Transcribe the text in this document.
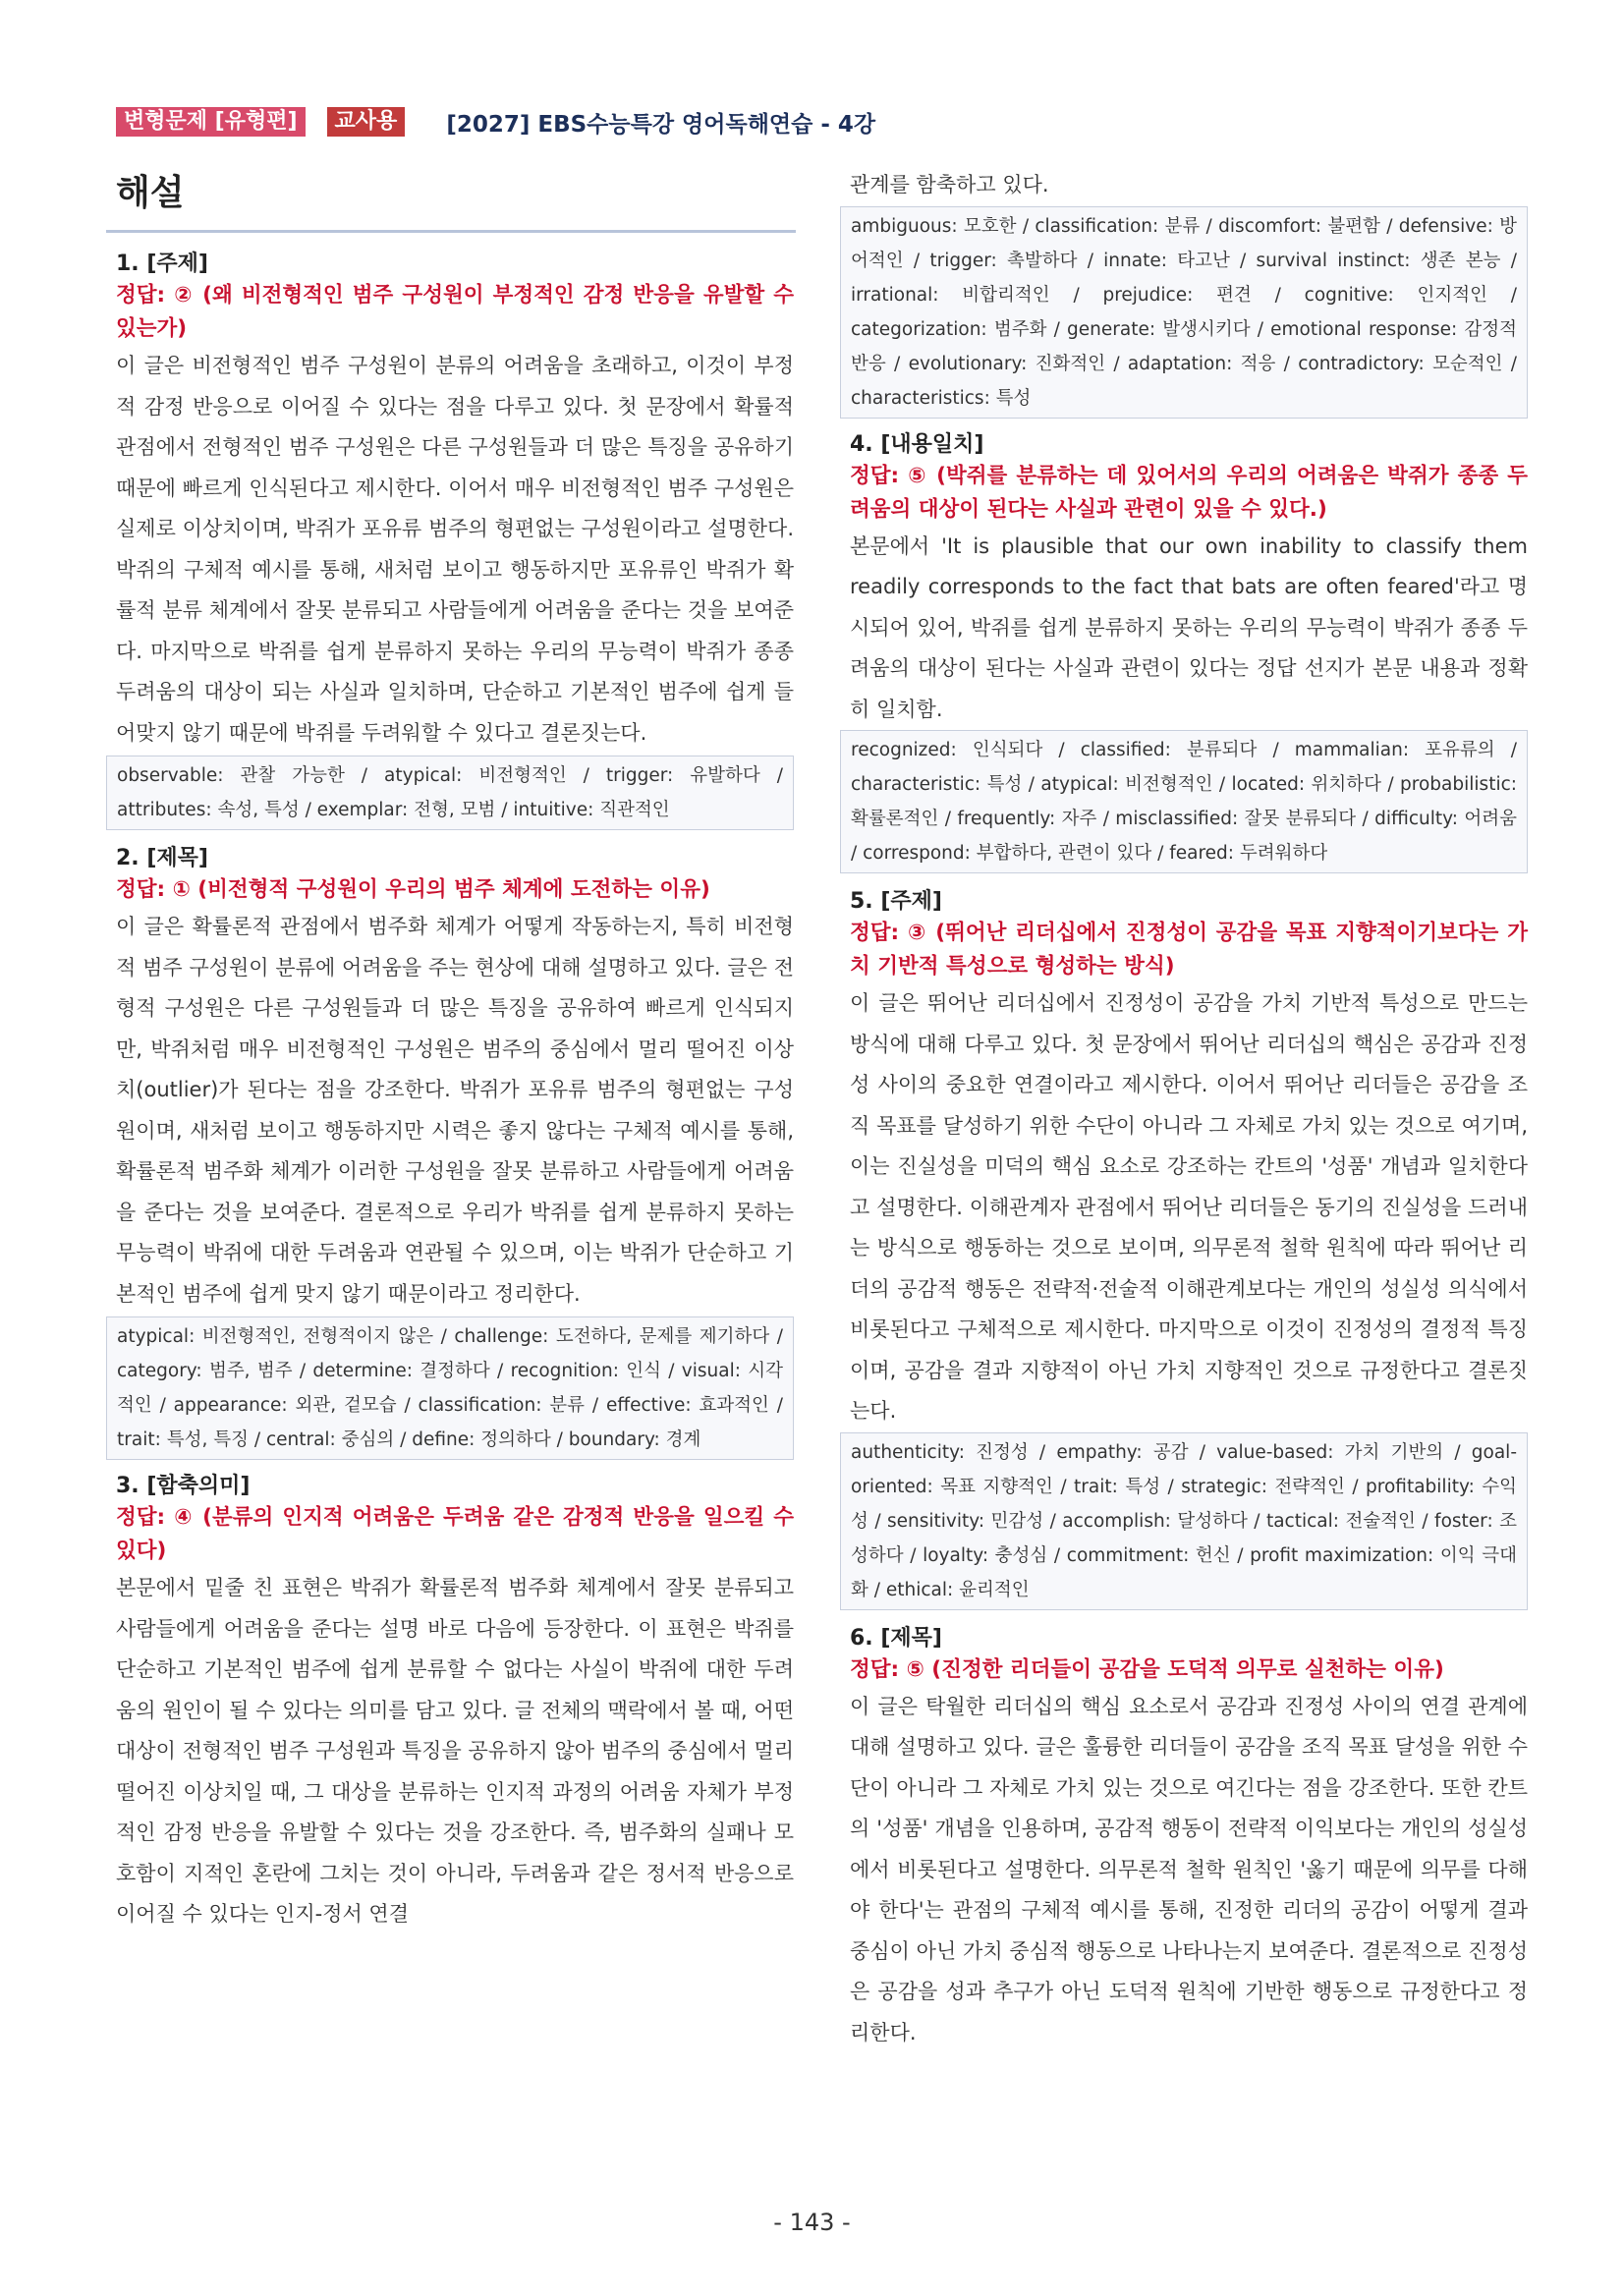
변형문제 [유형편]	교사용	[2027] EBS수능특강 영어독해연습 - 4강
해설
1. [주제]
정답: ② (왜 비전형적인 범주 구성원이 부정적인 감정 반응을 유발할 수 있는가)
이 글은 비전형적인 범주 구성원이 분류의 어려움을 초래하고, 이것이 부정적 감정 반응으로 이어질 수 있다는 점을 다루고 있다. 첫 문장에서 확률적 관점에서 전형적인 범주 구성원은 다른 구성원들과 더 많은 특징을 공유하기 때문에 빠르게 인식된다고 제시한다. 이어서 매우 비전형적인 범주 구성원은 실제로 이상치이며, 박쥐가 포유류 범주의 형편없는 구성원이라고 설명한다. 박쥐의 구체적 예시를 통해, 새처럼 보이고 행동하지만 포유류인 박쥐가 확률적 분류 체계에서 잘못 분류되고 사람들에게 어려움을 준다는 것을 보여준다. 마지막으로 박쥐를 쉽게 분류하지 못하는 우리의 무능력이 박쥐가 종종 두려움의 대상이 되는 사실과 일치하며, 단순하고 기본적인 범주에 쉽게 들어맞지 않기 때문에 박쥐를 두려워할 수 있다고 결론짓는다.
observable: 관찰 가능한 / atypical: 비전형적인 / trigger: 유발하다 / attributes: 속성, 특성 / exemplar: 전형, 모범 / intuitive: 직관적인
2. [제목]
정답: ① (비전형적 구성원이 우리의 범주 체계에 도전하는 이유)
이 글은 확률론적 관점에서 범주화 체계가 어떻게 작동하는지, 특히 비전형적 범주 구성원이 분류에 어려움을 주는 현상에 대해 설명하고 있다. 글은 전형적 구성원은 다른 구성원들과 더 많은 특징을 공유하여 빠르게 인식되지만, 박쥐처럼 매우 비전형적인 구성원은 범주의 중심에서 멀리 떨어진 이상치(outlier)가 된다는 점을 강조한다. 박쥐가 포유류 범주의 형편없는 구성원이며, 새처럼 보이고 행동하지만 시력은 좋지 않다는 구체적 예시를 통해, 확률론적 범주화 체계가 이러한 구성원을 잘못 분류하고 사람들에게 어려움을 준다는 것을 보여준다. 결론적으로 우리가 박쥐를 쉽게 분류하지 못하는 무능력이 박쥐에 대한 두려움과 연관될 수 있으며, 이는 박쥐가 단순하고 기본적인 범주에 쉽게 맞지 않기 때문이라고 정리한다.
atypical: 비전형적인, 전형적이지 않은 / challenge: 도전하다, 문제를 제기하다 / category: 범주, 범주 / determine: 결정하다 / recognition: 인식 / visual: 시각적인 / appearance: 외관, 겉모습 / classification: 분류 / effective: 효과적인 / trait: 특성, 특징 / central: 중심의 / define: 정의하다 / boundary: 경계
3. [함축의미]
정답: ④ (분류의 인지적 어려움은 두려움 같은 감정적 반응을 일으킬 수 있다)
본문에서 밑줄 친 표현은 박쥐가 확률론적 범주화 체계에서 잘못 분류되고 사람들에게 어려움을 준다는 설명 바로 다음에 등장한다. 이 표현은 박쥐를 단순하고 기본적인 범주에 쉽게 분류할 수 없다는 사실이 박쥐에 대한 두려움의 원인이 될 수 있다는 의미를 담고 있다. 글 전체의 맥락에서 볼 때, 어떤 대상이 전형적인 범주 구성원과 특징을 공유하지 않아 범주의 중심에서 멀리 떨어진 이상치일 때, 그 대상을 분류하는 인지적 과정의 어려움 자체가 부정적인 감정 반응을 유발할 수 있다는 것을 강조한다. 즉, 범주화의 실패나 모호함이 지적인 혼란에 그치는 것이 아니라, 두려움과 같은 정서적 반응으로 이어질 수 있다는 인지-정서 연결
관계를 함축하고 있다.
ambiguous: 모호한 / classification: 분류 / discomfort: 불편함 / defensive: 방어적인 / trigger: 촉발하다 / innate: 타고난 / survival instinct: 생존 본능 / irrational: 비합리적인 / prejudice: 편견 / cognitive: 인지적인 / categorization: 범주화 / generate: 발생시키다 / emotional response: 감정적 반응 / evolutionary: 진화적인 / adaptation: 적응 / contradictory: 모순적인 / characteristics: 특성
4. [내용일치]
정답: ⑤ (박쥐를 분류하는 데 있어서의 우리의 어려움은 박쥐가 종종 두려움의 대상이 된다는 사실과 관련이 있을 수 있다.)
본문에서 'It is plausible that our own inability to classify them readily corresponds to the fact that bats are often feared'라고 명시되어 있어, 박쥐를 쉽게 분류하지 못하는 우리의 무능력이 박쥐가 종종 두려움의 대상이 된다는 사실과 관련이 있다는 정답 선지가 본문 내용과 정확히 일치함.
recognized: 인식되다 / classified: 분류되다 / mammalian: 포유류의 / characteristic: 특성 / atypical: 비전형적인 / located: 위치하다 / probabilistic: 확률론적인 / frequently: 자주 / misclassified: 잘못 분류되다 / difficulty: 어려움 / correspond: 부합하다, 관련이 있다 / feared: 두려워하다
5. [주제]
정답: ③ (뛰어난 리더십에서 진정성이 공감을 목표 지향적이기보다는 가치 기반적 특성으로 형성하는 방식)
이 글은 뛰어난 리더십에서 진정성이 공감을 가치 기반적 특성으로 만드는 방식에 대해 다루고 있다. 첫 문장에서 뛰어난 리더십의 핵심은 공감과 진정성 사이의 중요한 연결이라고 제시한다. 이어서 뛰어난 리더들은 공감을 조직 목표를 달성하기 위한 수단이 아니라 그 자체로 가치 있는 것으로 여기며, 이는 진실성을 미덕의 핵심 요소로 강조하는 칸트의 '성품' 개념과 일치한다고 설명한다. 이해관계자 관점에서 뛰어난 리더들은 동기의 진실성을 드러내는 방식으로 행동하는 것으로 보이며, 의무론적 철학 원칙에 따라 뛰어난 리더의 공감적 행동은 전략적·전술적 이해관계보다는 개인의 성실성 의식에서 비롯된다고 구체적으로 제시한다. 마지막으로 이것이 진정성의 결정적 특징이며, 공감을 결과 지향적이 아닌 가치 지향적인 것으로 규정한다고 결론짓는다.
authenticity: 진정성 / empathy: 공감 / value-based: 가치 기반의 / goal-oriented: 목표 지향적인 / trait: 특성 / strategic: 전략적인 / profitability: 수익성 / sensitivity: 민감성 / accomplish: 달성하다 / tactical: 전술적인 / foster: 조성하다 / loyalty: 충성심 / commitment: 헌신 / profit maximization: 이익 극대화 / ethical: 윤리적인
6. [제목]
정답: ⑤ (진정한 리더들이 공감을 도덕적 의무로 실천하는 이유)
이 글은 탁월한 리더십의 핵심 요소로서 공감과 진정성 사이의 연결 관계에 대해 설명하고 있다. 글은 훌륭한 리더들이 공감을 조직 목표 달성을 위한 수단이 아니라 그 자체로 가치 있는 것으로 여긴다는 점을 강조한다. 또한 칸트의 '성품' 개념을 인용하며, 공감적 행동이 전략적 이익보다는 개인의 성실성에서 비롯된다고 설명한다. 의무론적 철학 원칙인 '옳기 때문에 의무를 다해야 한다'는 관점의 구체적 예시를 통해, 진정한 리더의 공감이 어떻게 결과 중심이 아닌 가치 중심적 행동으로 나타나는지 보여준다. 결론적으로 진정성은 공감을 성과 추구가 아닌 도덕적 원칙에 기반한 행동으로 규정한다고 정리한다.
- 143 -
